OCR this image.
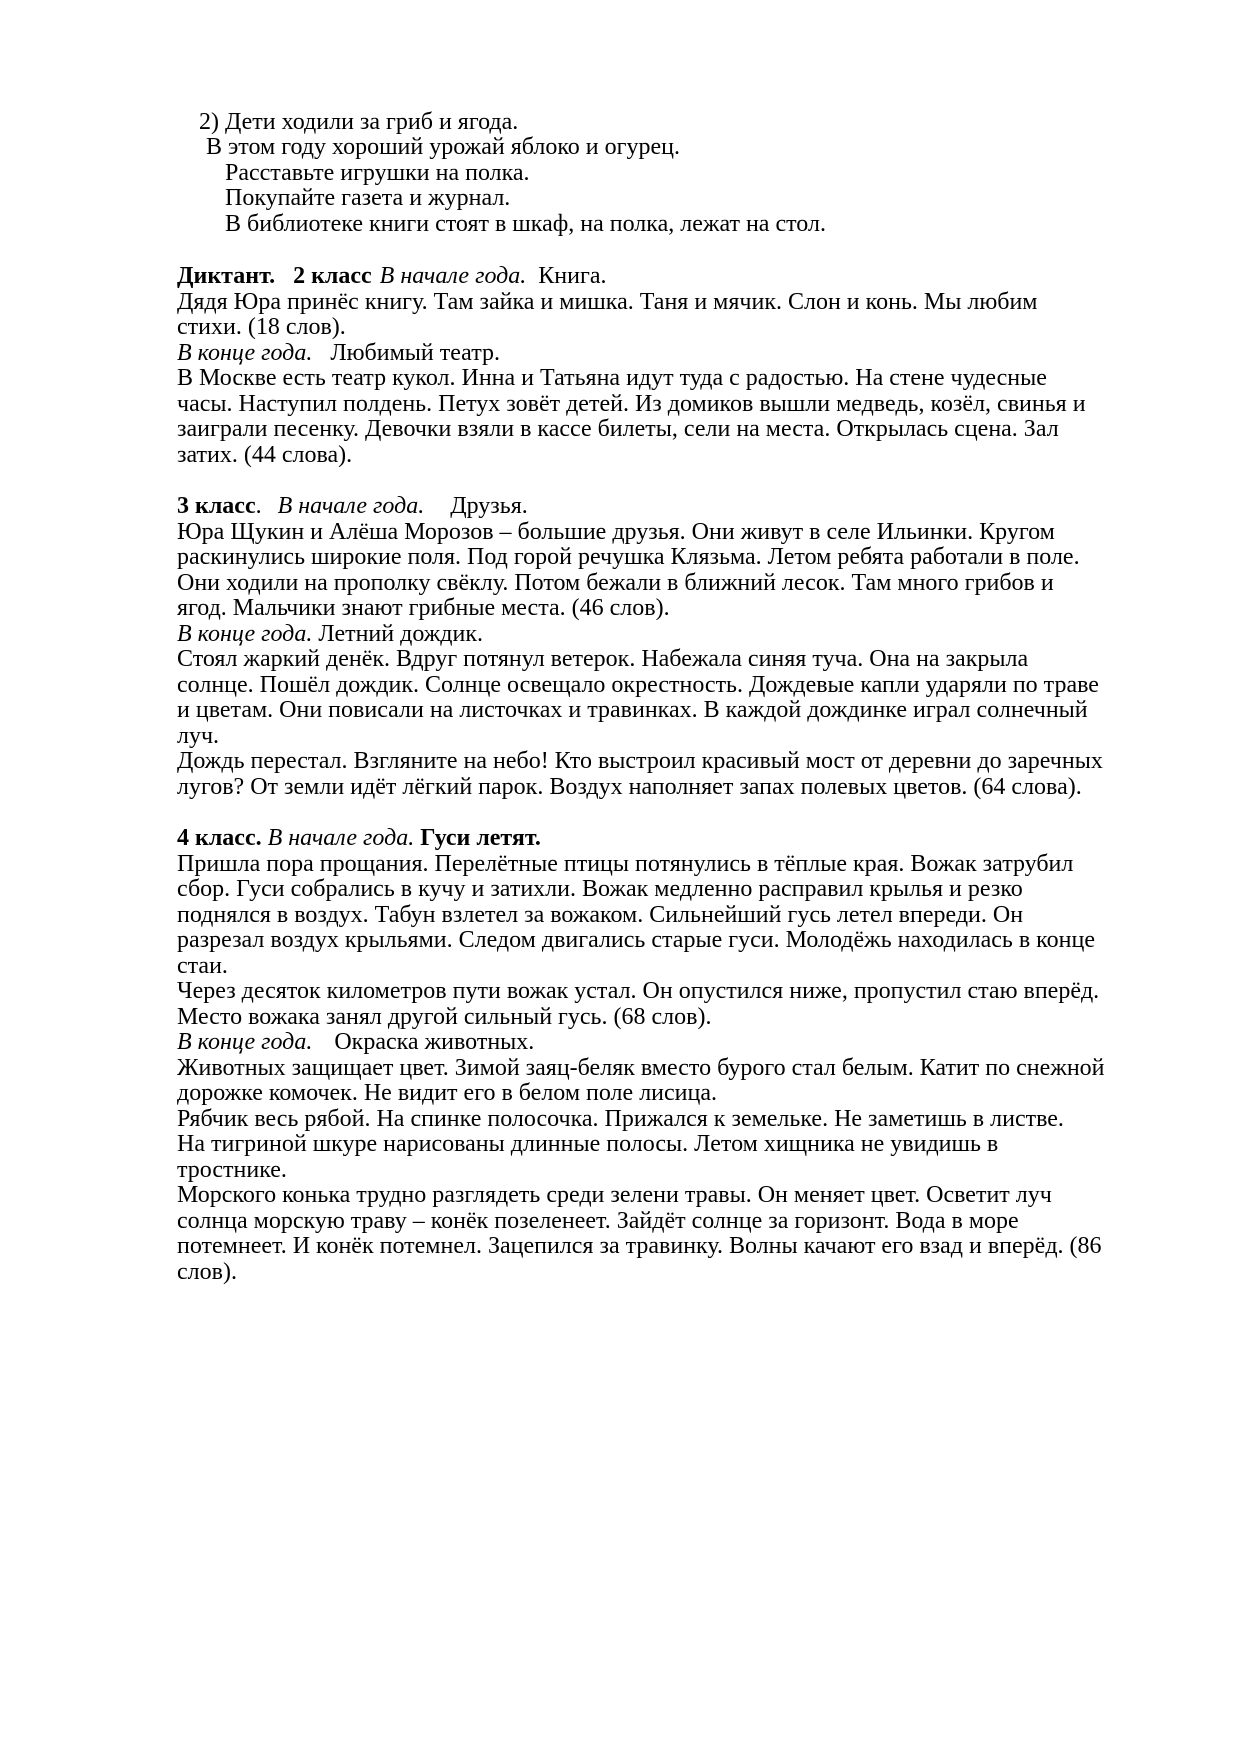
2) Дети ходили за гриб и ягода.
В этом году хороший урожай яблоко и огурец.
Расставьте игрушки на полка.
Покупайте газета и журнал.
В библиотеке книги стоят в шкаф, на полка, лежат на стол.
Диктант. 2 класс В начале года. Книга.
Дядя Юра принёс книгу. Там зайка и мишка. Таня и мячик. Слон и конь. Мы любим
стихи. (18 слов).
В конце года. Любимый театр.
В Москве есть театр кукол. Инна и Татьяна идут туда с радостью. На стене чудесные
часы. Наступил полдень. Петух зовёт детей. Из домиков вышли медведь, козёл, свинья и
заиграли песенку. Девочки взяли в кассе билеты, сели на места. Открылась сцена. Зал
затих. (44 слова).
3 класс. В начале года. Друзья.
Юра Щукин и Алёша Морозов – большие друзья. Они живут в селе Ильинки. Кругом
раскинулись широкие поля. Под горой речушка Клязьма. Летом ребята работали в поле.
Они ходили на прополку свёклу. Потом бежали в ближний лесок. Там много грибов и
ягод. Мальчики знают грибные места. (46 слов).
В конце года. Летний дождик.
Стоял жаркий денёк. Вдруг потянул ветерок. Набежала синяя туча. Она на закрыла
солнце. Пошёл дождик. Солнце освещало окрестность. Дождевые капли ударяли по траве
и цветам. Они повисали на листочках и травинках. В каждой дождинке играл солнечный
луч.
Дождь перестал. Взгляните на небо! Кто выстроил красивый мост от деревни до заречных
лугов? От земли идёт лёгкий парок. Воздух наполняет запах полевых цветов. (64 слова).
4 класс. В начале года. Гуси летят.
Пришла пора прощания. Перелётные птицы потянулись в тёплые края. Вожак затрубил
сбор. Гуси собрались в кучу и затихли. Вожак медленно расправил крылья и резко
поднялся в воздух. Табун взлетел за вожаком. Сильнейший гусь летел впереди. Он
разрезал воздух крыльями. Следом двигались старые гуси. Молодёжь находилась в конце
стаи.
Через десяток километров пути вожак устал. Он опустился ниже, пропустил стаю вперёд.
Место вожака занял другой сильный гусь. (68 слов).
В конце года. Окраска животных.
Животных защищает цвет. Зимой заяц-беляк вместо бурого стал белым. Катит по снежной
дорожке комочек. Не видит его в белом поле лисица.
Рябчик весь рябой. На спинке полосочка. Прижался к земельке. Не заметишь в листве.
На тигриной шкуре нарисованы длинные полосы. Летом хищника не увидишь в
тростнике.
Морского конька трудно разглядеть среди зелени травы. Он меняет цвет. Осветит луч
солнца морскую траву – конёк позеленеет. Зайдёт солнце за горизонт. Вода в море
потемнеет. И конёк потемнел. Зацепился за травинку. Волны качают его взад и вперёд. (86
слов).
